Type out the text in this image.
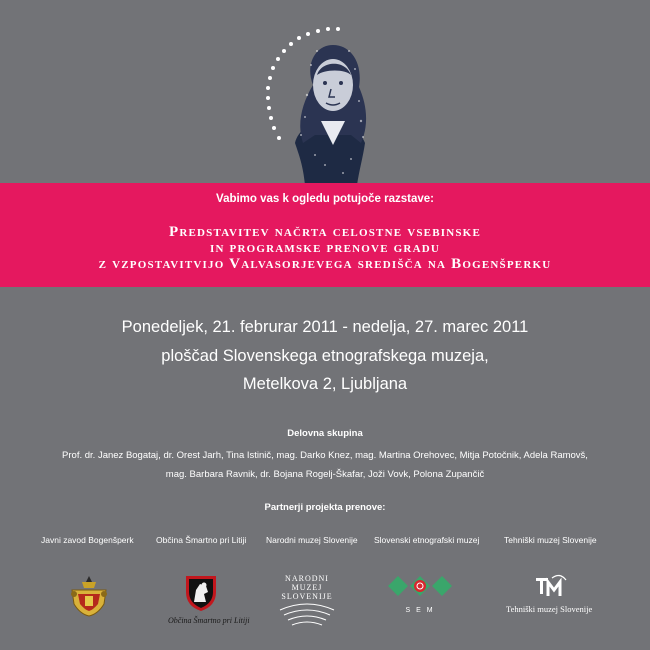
Vabimo vas k ogledu potujoče razstave:
Predstavitev načrta celostne vsebinske
in programske prenove gradu
z vzpostavitvijo Valvasorjevega središča na Bogenšperku
Ponedeljek, 21. februrar 2011 - nedelja, 27. marec 2011
ploščad Slovenskega etnografskega muzeja,
Metelkova 2, Ljubljana
Delovna skupina
Prof. dr. Janez Bogataj, dr. Orest Jarh, Tina Istinič, mag. Darko Knez, mag. Martina Orehovec, Mitja Potočnik, Adela Ramovš,
mag. Barbara Ravnik, dr. Bojana Rogelj-Škafar, Joži Vovk, Polona Zupančič
Partnerji projekta prenove:
Javni zavod Bogenšperk	Občina Šmartno pri Litiji Narodni muzej Slovenije Slovenski etnografski muzej	Tehniški muzej Slovenije
Občina Šmartno pri Litiji
NARODNI
MUZEJ
SLOVENIJE
S E M	Tehniški muzej Slovenije
